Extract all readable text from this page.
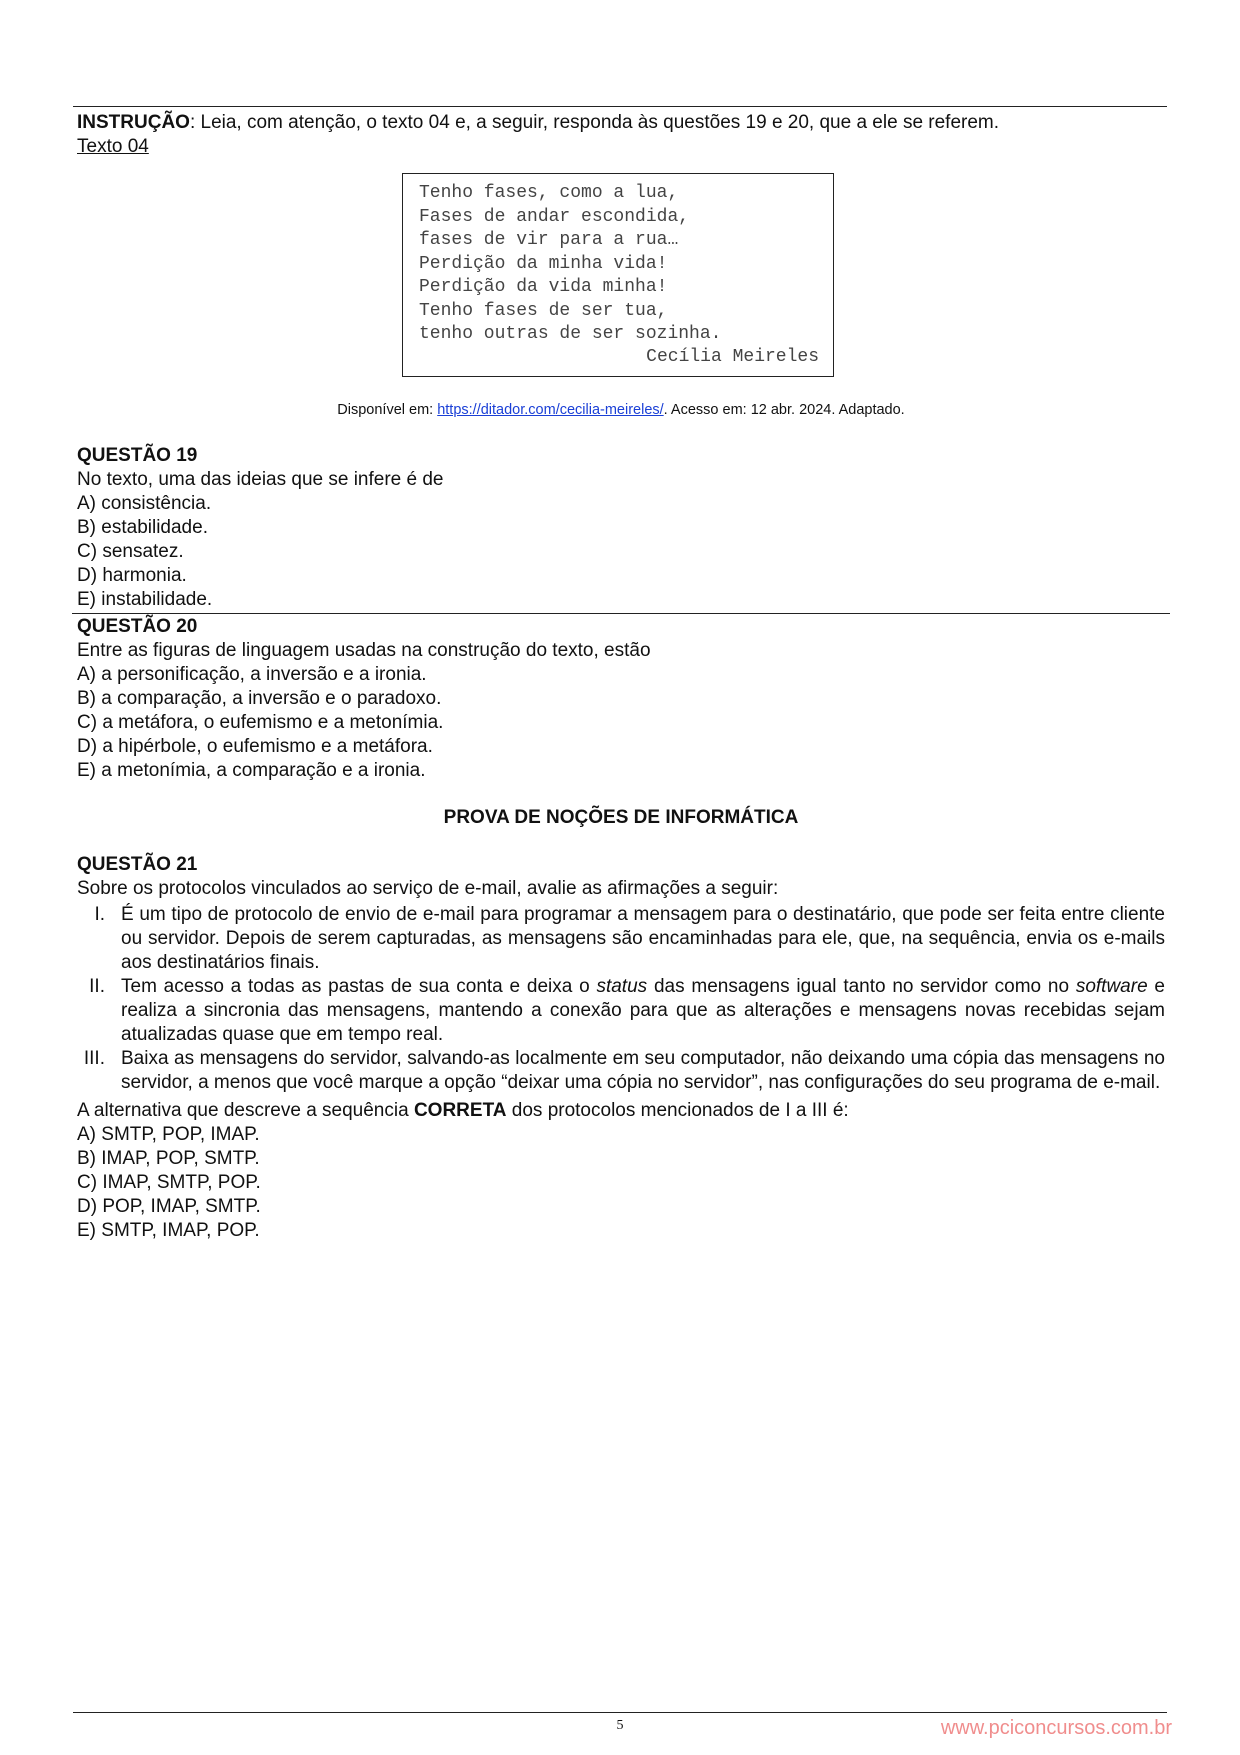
INSTRUÇÃO: Leia, com atenção, o texto 04 e, a seguir, responda às questões 19 e 20, que a ele se referem.

Texto 04
Tenho fases, como a lua,
Fases de andar escondida,
fases de vir para a rua…
Perdição da minha vida!
Perdição da vida minha!
Tenho fases de ser tua,
tenho outras de ser sozinha.
Cecília Meireles
Disponível em: https://ditador.com/cecilia-meireles/. Acesso em: 12 abr. 2024. Adaptado.

QUESTÃO 19

No texto, uma das ideias que se infere é de

A) consistência.

B) estabilidade.

C) sensatez.

D) harmonia.

E) instabilidade.

QUESTÃO 20

Entre as figuras de linguagem usadas na construção do texto, estão

A) a personificação, a inversão e a ironia.

B) a comparação, a inversão e o paradoxo.

C) a metáfora, o eufemismo e a metonímia.

D) a hipérbole, o eufemismo e a metáfora.

E) a metonímia, a comparação e a ironia.

PROVA DE NOÇÕES DE INFORMÁTICA

QUESTÃO 21

Sobre os protocolos vinculados ao serviço de e-mail, avalie as afirmações a seguir:

I. É um tipo de protocolo de envio de e-mail para programar a mensagem para o destinatário, que pode ser feita entre cliente ou servidor. Depois de serem capturadas, as mensagens são encaminhadas para ele, que, na sequência, envia os e-mails aos destinatários finais.
II. Tem acesso a todas as pastas de sua conta e deixa o status das mensagens igual tanto no servidor como no software e realiza a sincronia das mensagens, mantendo a conexão para que as alterações e mensagens novas recebidas sejam atualizadas quase que em tempo real.
III. Baixa as mensagens do servidor, salvando-as localmente em seu computador, não deixando uma cópia das mensagens no servidor, a menos que você marque a opção “deixar uma cópia no servidor”, nas configurações do seu programa de e-mail.

A alternativa que descreve a sequência CORRETA dos protocolos mencionados de I a III é:

A) SMTP, POP, IMAP.

B) IMAP, POP, SMTP.

C) IMAP, SMTP, POP.

D) POP, IMAP, SMTP.

E) SMTP, IMAP, POP.

5	www.pciconcursos.com.br
